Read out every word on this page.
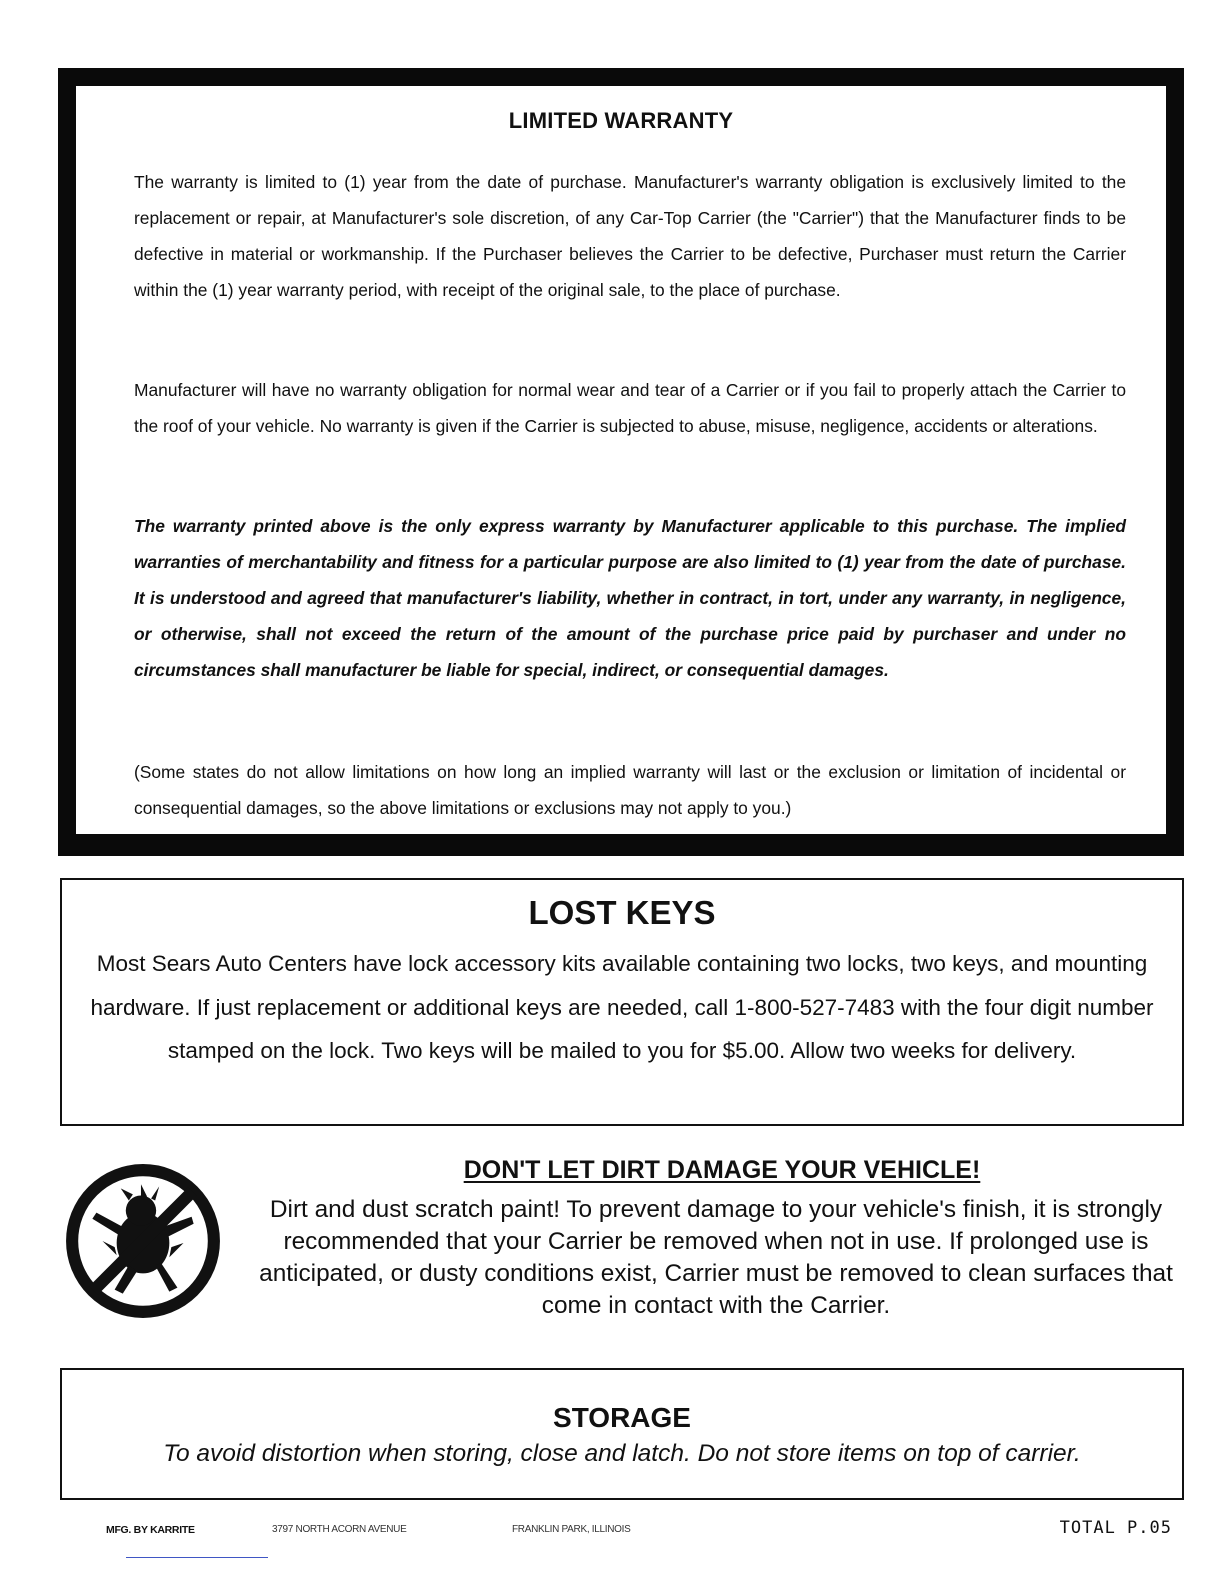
LIMITED WARRANTY

The warranty is limited to (1) year from the date of purchase. Manufacturer's warranty obligation is exclusively limited to the replacement or repair, at Manufacturer's sole discretion, of any Car-Top Carrier (the "Carrier") that the Manufacturer finds to be defective in material or workmanship. If the Purchaser believes the Carrier to be defective, Purchaser must return the Carrier within the (1) year warranty period, with receipt of the original sale, to the place of purchase.

Manufacturer will have no warranty obligation for normal wear and tear of a Carrier or if you fail to properly attach the Carrier to the roof of your vehicle. No warranty is given if the Carrier is subjected to abuse, misuse, negligence, accidents or alterations.

The warranty printed above is the only express warranty by Manufacturer applicable to this purchase. The implied warranties of merchantability and fitness for a particular purpose are also limited to (1) year from the date of purchase. It is understood and agreed that manufacturer's liability, whether in contract, in tort, under any warranty, in negligence, or otherwise, shall not exceed the return of the amount of the purchase price paid by purchaser and under no circumstances shall manufacturer be liable for special, indirect, or consequential damages.

(Some states do not allow limitations on how long an implied warranty will last or the exclusion or limitation of incidental or consequential damages, so the above limitations or exclusions may not apply to you.)

LOST KEYS

Most Sears Auto Centers have lock accessory kits available containing two locks, two keys, and mounting hardware. If just replacement or additional keys are needed, call 1-800-527-7483 with the four digit number stamped on the lock. Two keys will be mailed to you for $5.00. Allow two weeks for delivery.

DON'T LET DIRT DAMAGE YOUR VEHICLE!

Dirt and dust scratch paint! To prevent damage to your vehicle's finish, it is strongly recommended that your Carrier be removed when not in use. If prolonged use is anticipated, or dusty conditions exist, Carrier must be removed to clean surfaces that come in contact with the Carrier.

STORAGE

To avoid distortion when storing, close and latch. Do not store items on top of carrier.

MFG. BY KARRITE	3797 NORTH ACORN AVENUE	FRANKLIN PARK, ILLINOIS	TOTAL P.05
